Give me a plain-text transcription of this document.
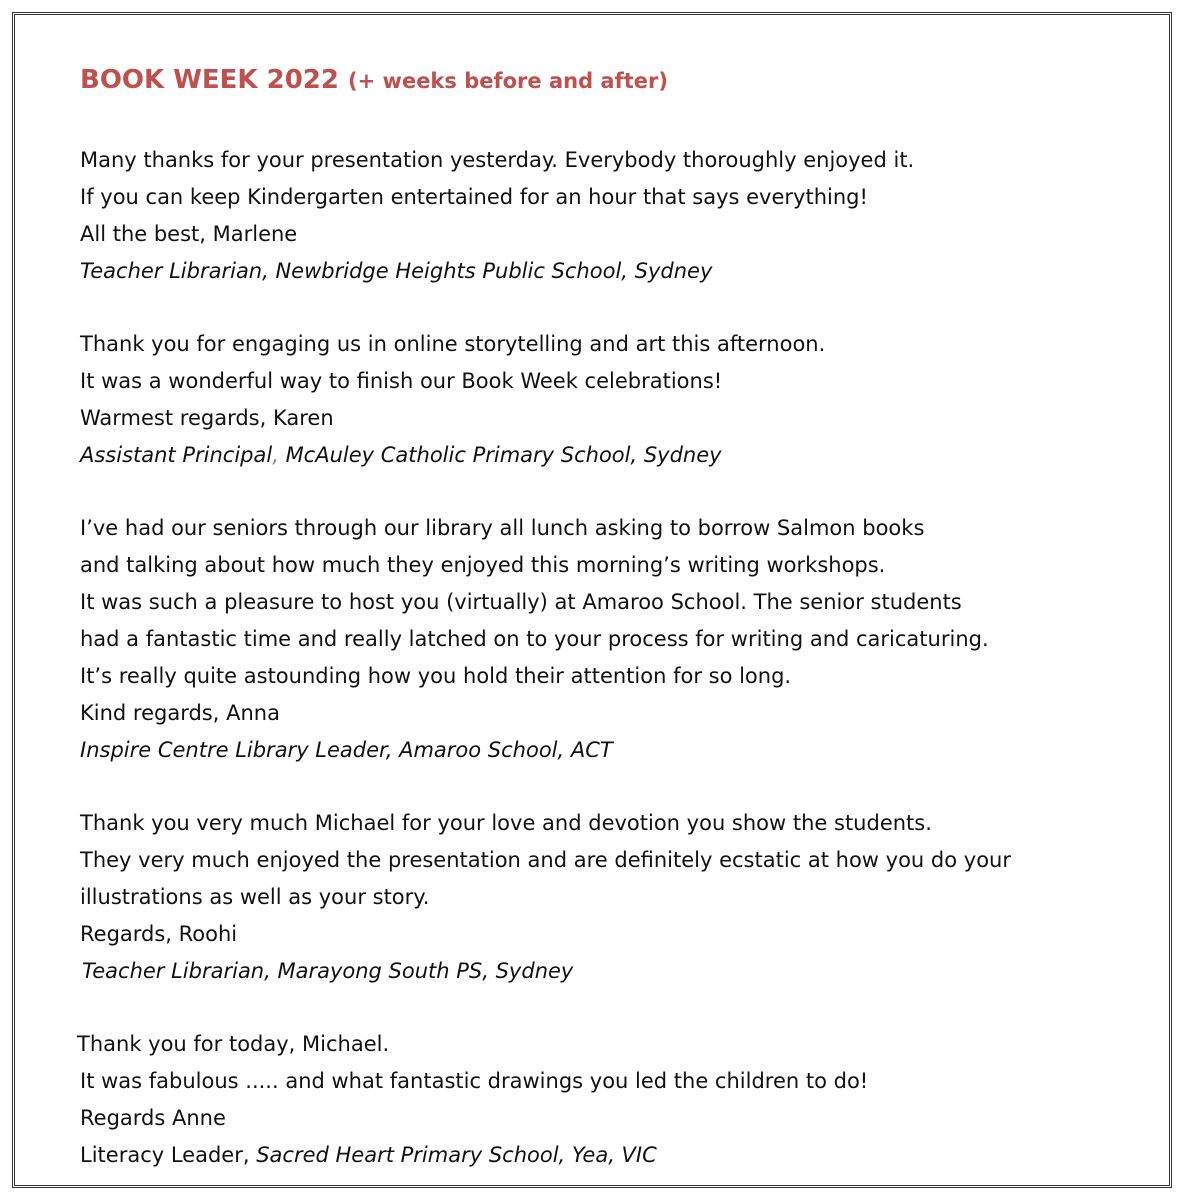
BOOK WEEK 2022 (+ weeks before and after)
Many thanks for your presentation yesterday. Everybody thoroughly enjoyed it.
If you can keep Kindergarten entertained for an hour that says everything!
All the best, Marlene
Teacher Librarian, Newbridge Heights Public School, Sydney
Thank you for engaging us in online storytelling and art this afternoon.
It was a wonderful way to finish our Book Week celebrations!
Warmest regards, Karen
Assistant Principal, McAuley Catholic Primary School, Sydney
I’ve had our seniors through our library all lunch asking to borrow Salmon books
and talking about how much they enjoyed this morning’s writing workshops.
It was such a pleasure to host you (virtually) at Amaroo School. The senior students
had a fantastic time and really latched on to your process for writing and caricaturing.
It’s really quite astounding how you hold their attention for so long.
Kind regards, Anna
Inspire Centre Library Leader, Amaroo School, ACT
Thank you very much Michael for your love and devotion you show the students.
They very much enjoyed the presentation and are definitely ecstatic at how you do your
illustrations as well as your story.
Regards, Roohi
Teacher Librarian, Marayong South PS, Sydney
Thank you for today, Michael.
It was fabulous ..... and what fantastic drawings you led the children to do!
Regards Anne
Literacy Leader, Sacred Heart Primary School, Yea, VIC
